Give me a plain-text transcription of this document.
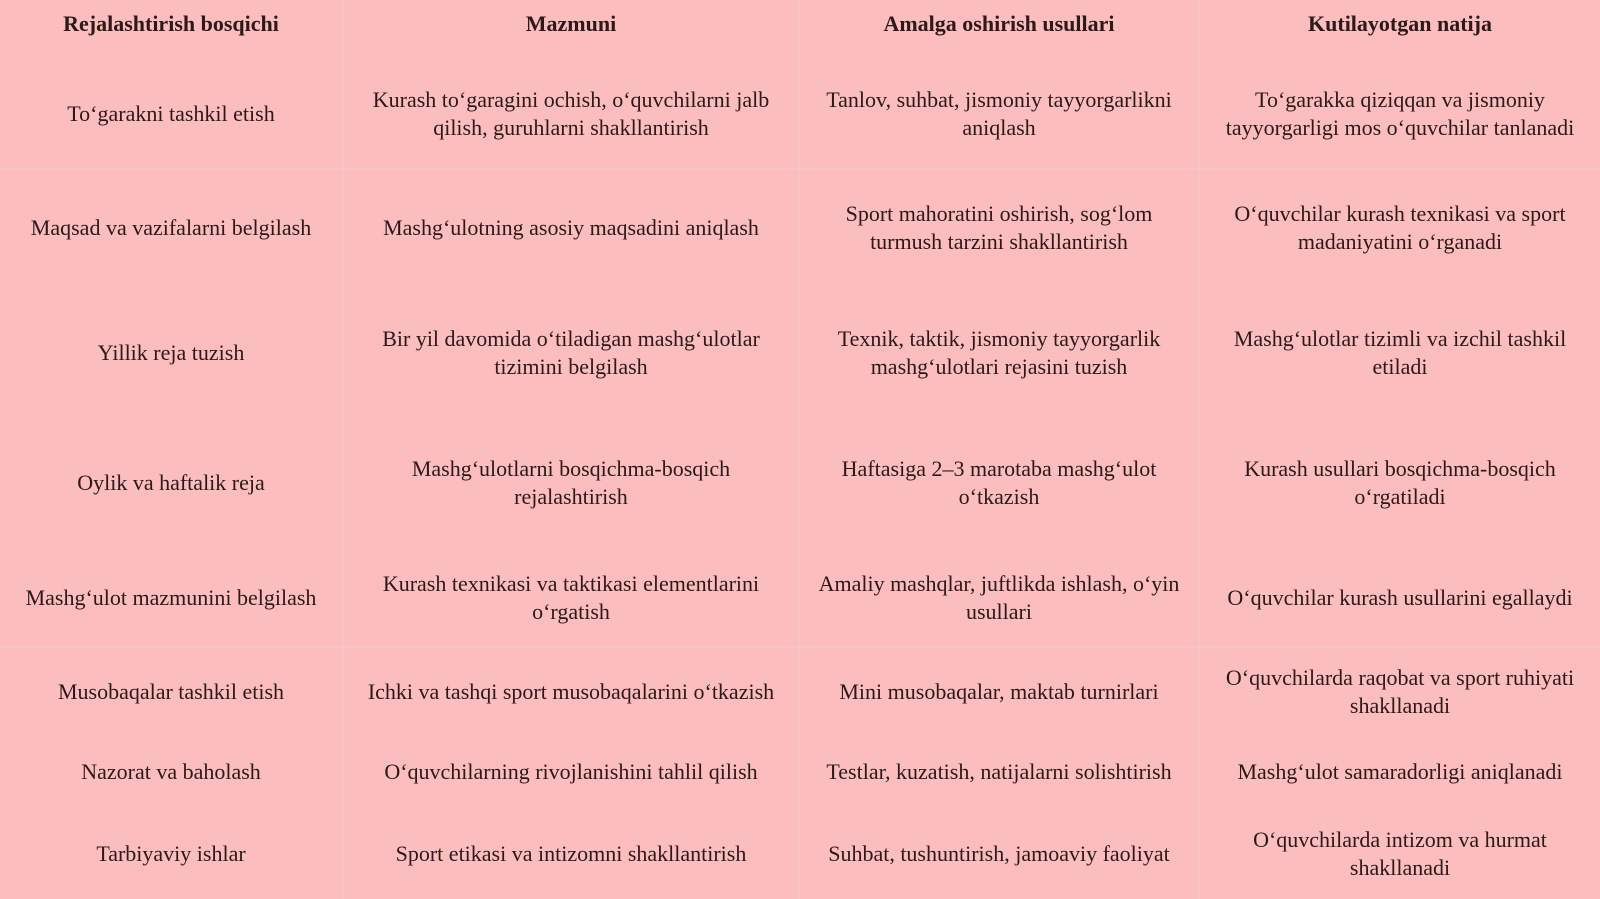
Rejalashtirish bosqichi	Mazmuni	Amalga oshirish usullari	Kutilayotgan natija
To‘garakni tashkil etish	Kurash to‘garagini ochish, o‘quvchilarni jalb qilish, guruhlarni shakllantirish	Tanlov, suhbat, jismoniy tayyorgarlikni aniqlash	To‘garakka qiziqqan va jismoniy tayyorgarligi mos o‘quvchilar tanlanadi
Maqsad va vazifalarni belgilash	Mashg‘ulotning asosiy maqsadini aniqlash	Sport mahoratini oshirish, sog‘lom turmush tarzini shakllantirish	O‘quvchilar kurash texnikasi va sport madaniyatini o‘rganadi
Yillik reja tuzish	Bir yil davomida o‘tiladigan mashg‘ulotlar tizimini belgilash	Texnik, taktik, jismoniy tayyorgarlik mashg‘ulotlari rejasini tuzish	Mashg‘ulotlar tizimli va izchil tashkil etiladi
Oylik va haftalik reja	Mashg‘ulotlarni bosqichma-bosqich rejalashtirish	Haftasiga 2–3 marotaba mashg‘ulot o‘tkazish	Kurash usullari bosqichma-bosqich o‘rgatiladi
Mashg‘ulot mazmunini belgilash	Kurash texnikasi va taktikasi elementlarini o‘rgatish	Amaliy mashqlar, juftlikda ishlash, o‘yin usullari	O‘quvchilar kurash usullarini egallaydi
Musobaqalar tashkil etish	Ichki va tashqi sport musobaqalarini o‘tkazish	Mini musobaqalar, maktab turnirlari	O‘quvchilarda raqobat va sport ruhiyati shakllanadi
Nazorat va baholash	O‘quvchilarning rivojlanishini tahlil qilish	Testlar, kuzatish, natijalarni solishtirish	Mashg‘ulot samaradorligi aniqlanadi
Tarbiyaviy ishlar	Sport etikasi va intizomni shakllantirish	Suhbat, tushuntirish, jamoaviy faoliyat	O‘quvchilarda intizom va hurmat shakllanadi
